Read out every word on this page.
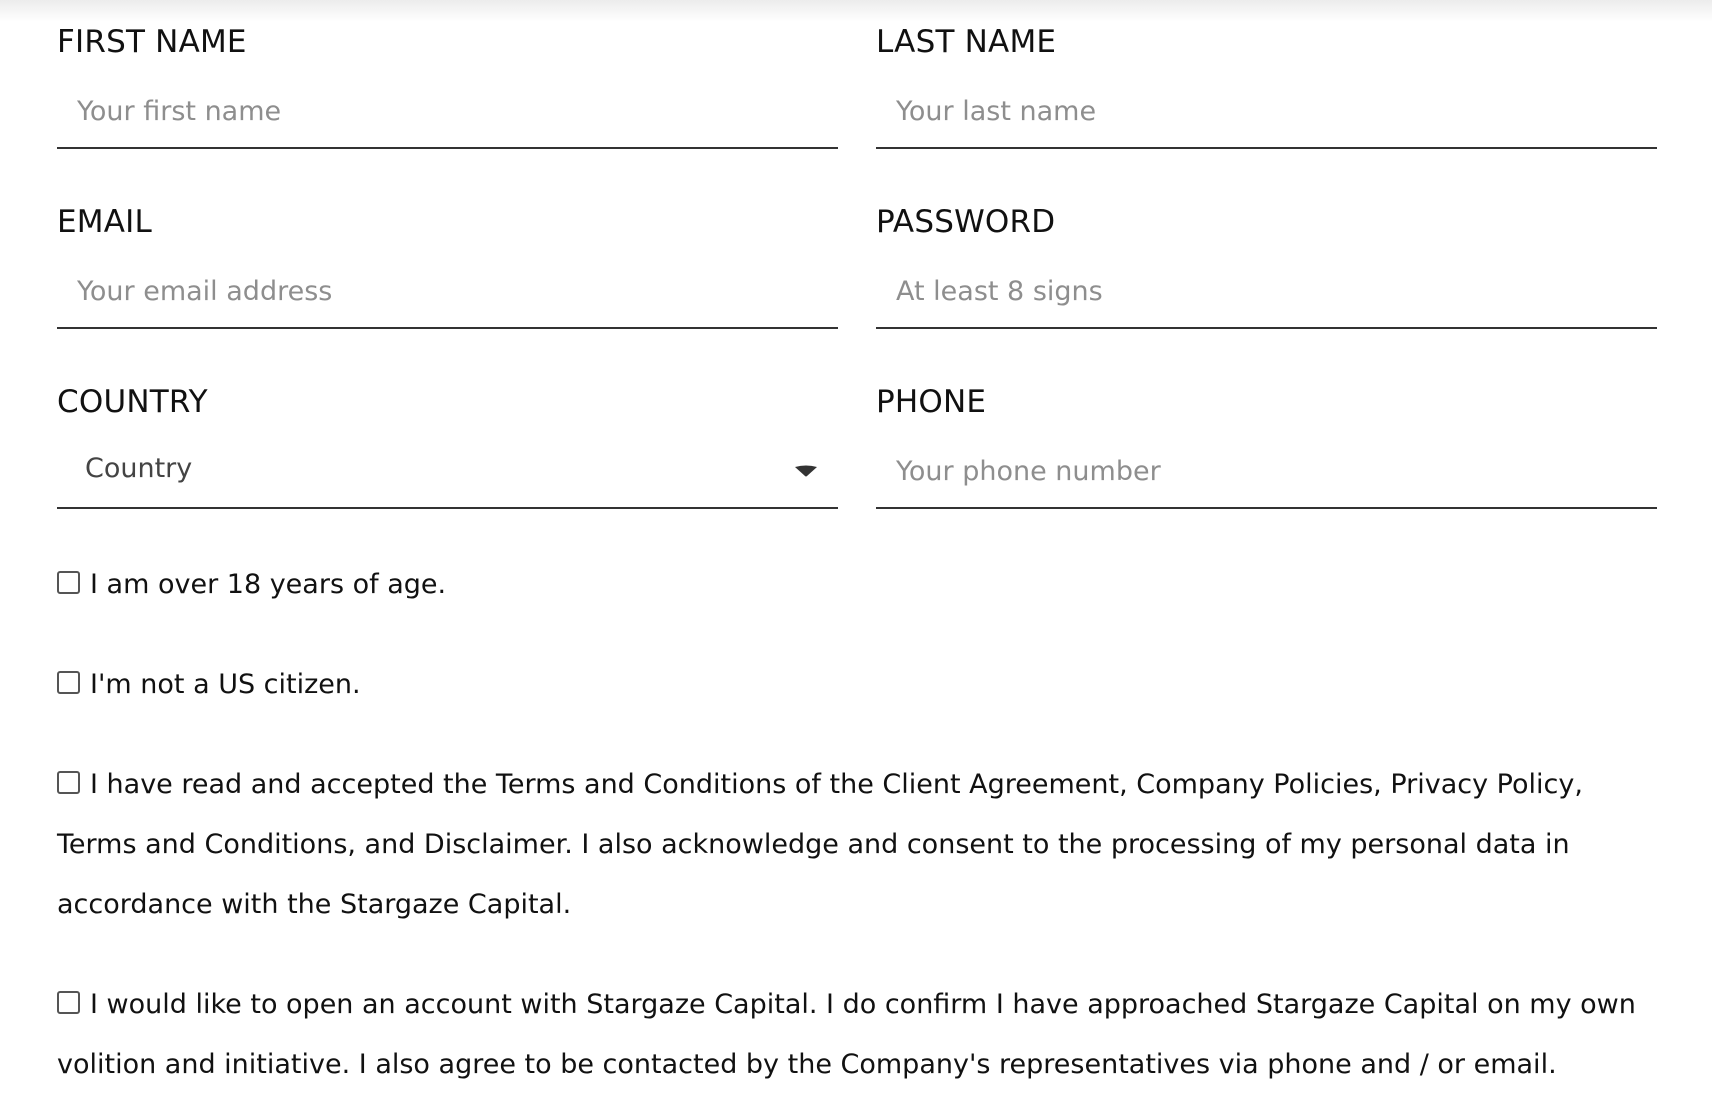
FIRST NAME
Your first name	LAST NAME
Your last name
EMAIL
Your email address	PASSWORD
At least 8 signs
COUNTRY
Country
PHONE
Your phone number
I am over 18 years of age.
I'm not a US citizen.
I have read and accepted the Terms and Conditions of the Client Agreement, Company Policies, Privacy Policy, Terms and Conditions, and Disclaimer. I also acknowledge and consent to the processing of my personal data in accordance with the Stargaze Capital.
I would like to open an account with Stargaze Capital. I do confirm I have approached Stargaze Capital on my own volition and initiative. I also agree to be contacted by the Company's representatives via phone and / or email.
